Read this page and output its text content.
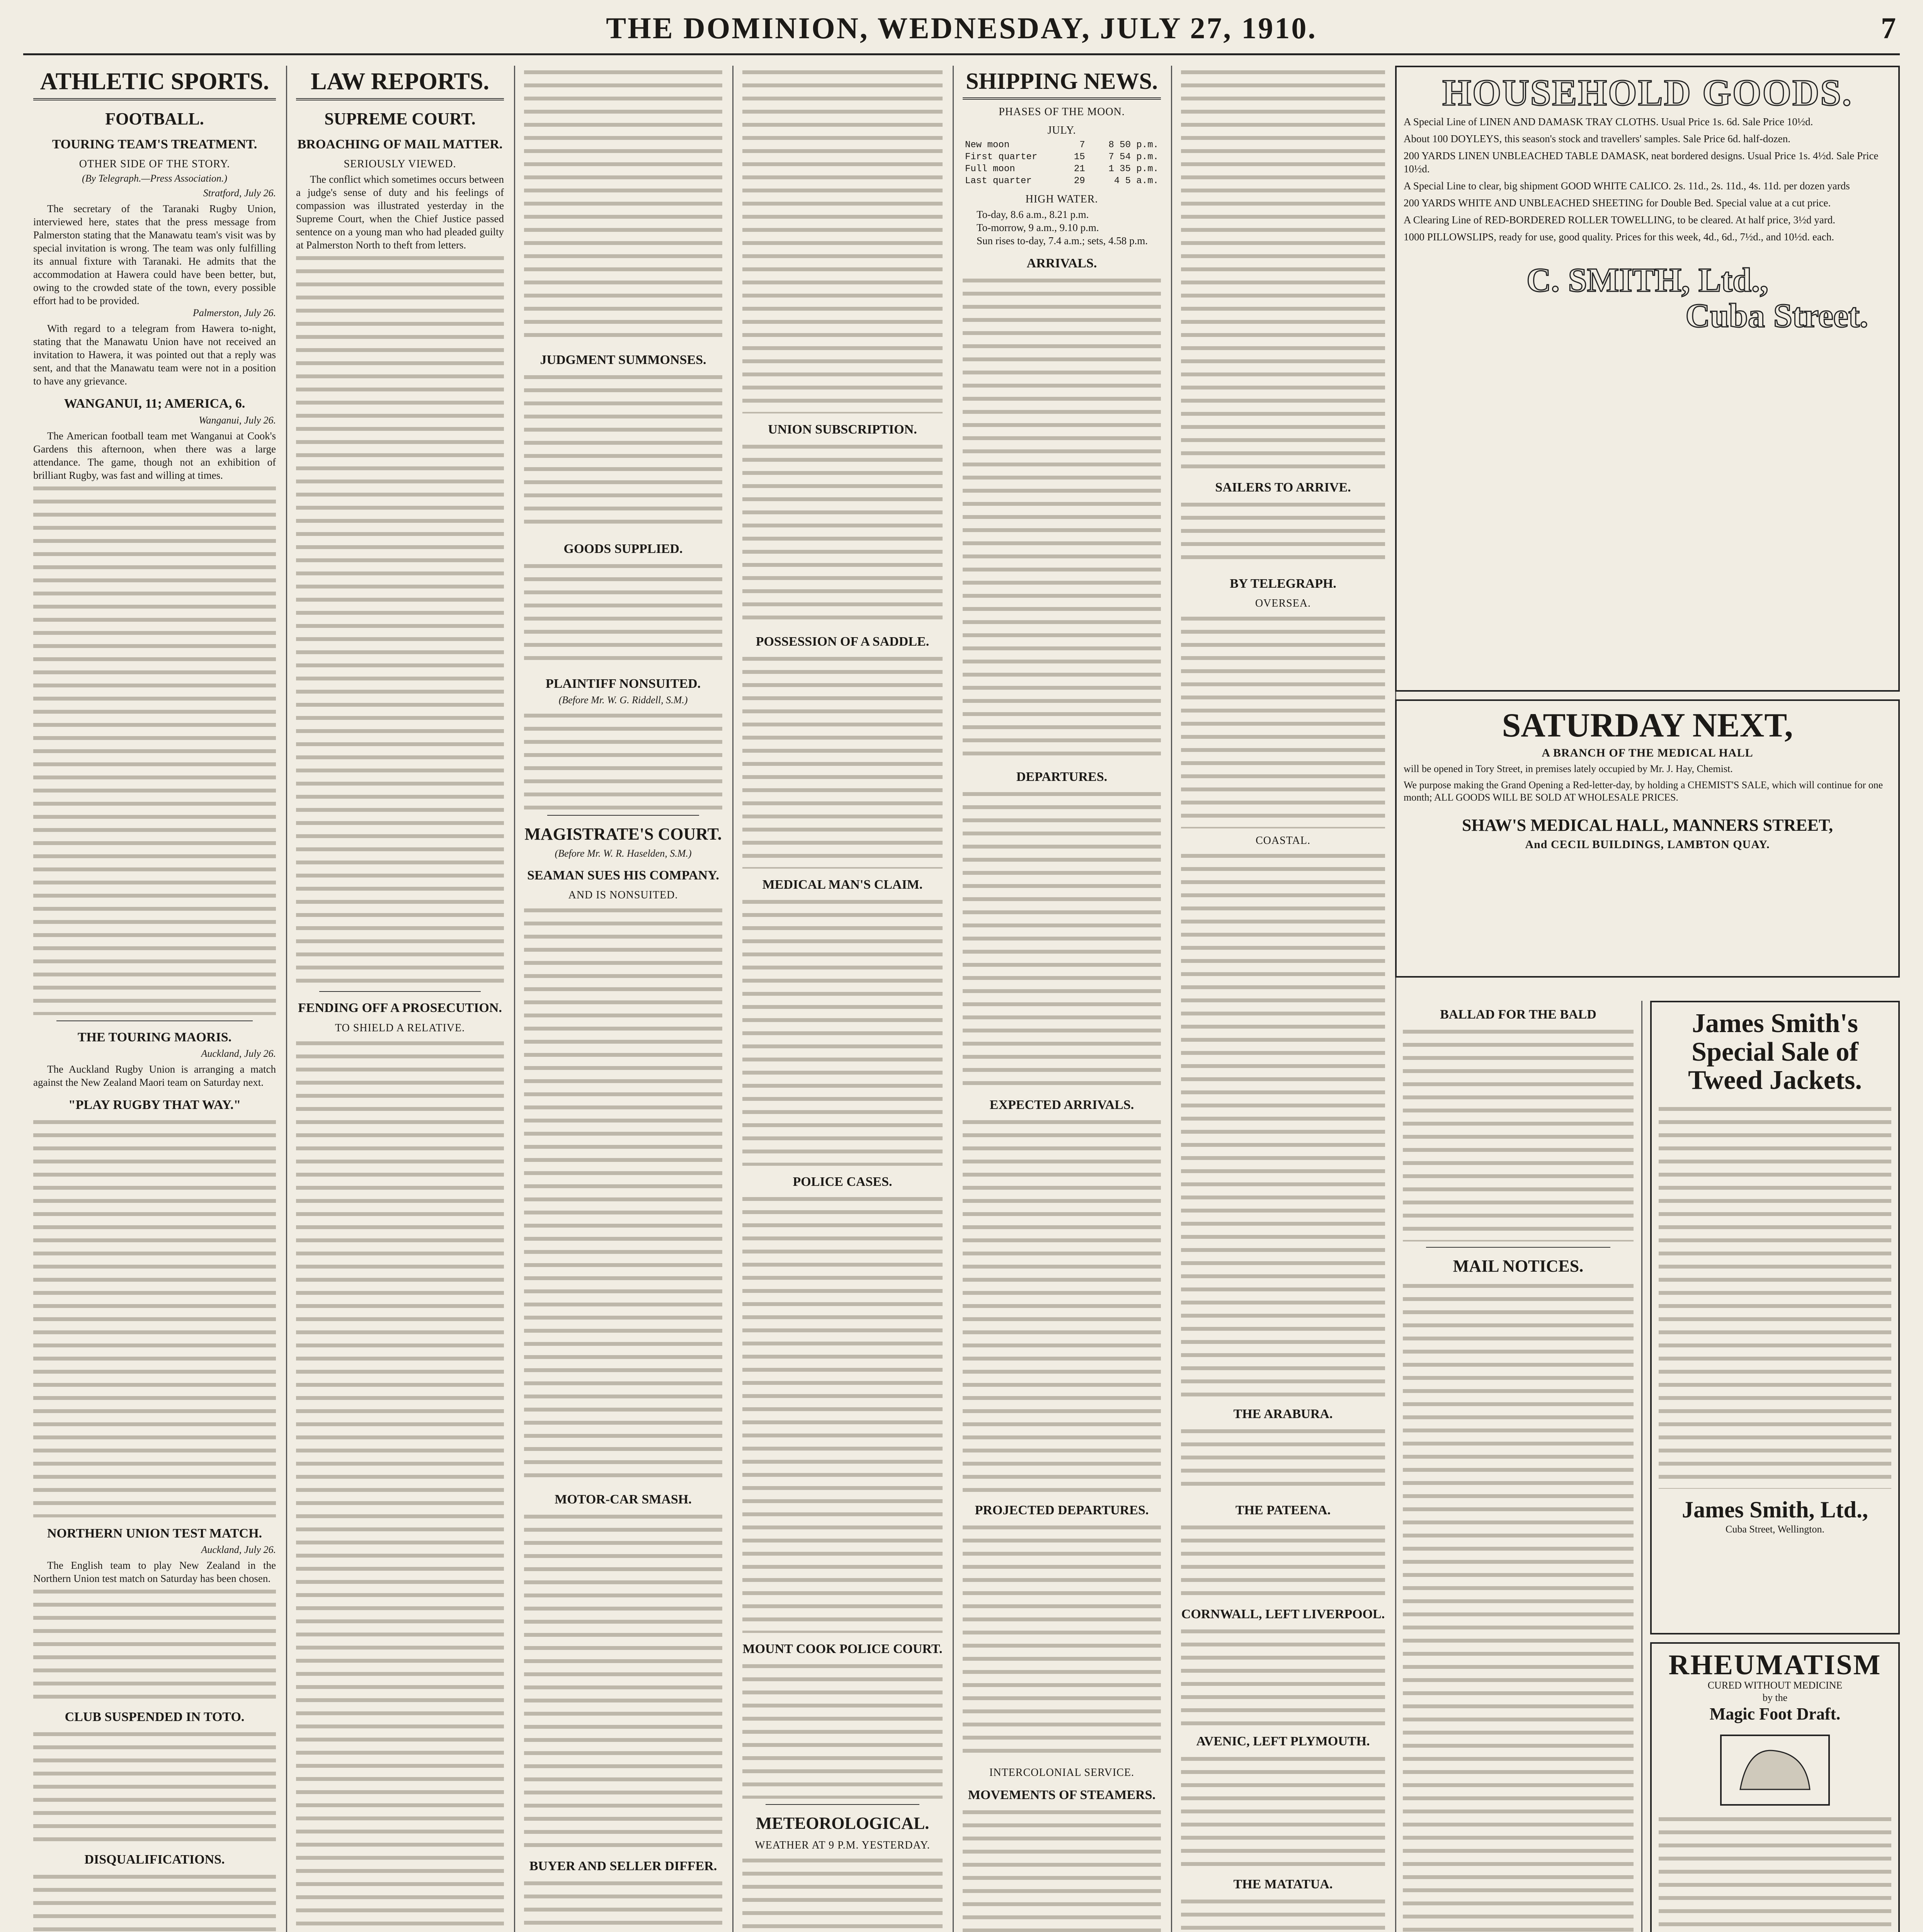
THE DOMINION, WEDNESDAY, JULY 27, 1910.	7
ATHLETIC SPORTS.
FOOTBALL.
TOURING TEAM'S TREATMENT.
OTHER SIDE OF THE STORY.
(By Telegraph.—Press Association.)
Stratford, July 26.

The secretary of the Taranaki Rugby Union, interviewed here, states that the press message from Palmerston stating that the Manawatu team's visit was by special invitation is wrong. The team was only fulfilling its annual fixture with Taranaki. He admits that the accommodation at Hawera could have been better, but, owing to the crowded state of the town, every possible effort had to be provided.

Palmerston, July 26.

With regard to a telegram from Hawera to-night, stating that the Manawatu Union have not received an invitation to Hawera, it was pointed out that a reply was sent, and that the Manawatu team were not in a position to have any grievance.

WANGANUI, 11; AMERICA, 6.
Wanganui, July 26.

The American football team met Wanganui at Cook's Gardens this afternoon, when there was a large attendance. The game, though not an exhibition of brilliant Rugby, was fast and willing at times.

THE TOURING MAORIS.
Auckland, July 26.

The Auckland Rugby Union is arranging a match against the New Zealand Maori team on Saturday next.

"PLAY RUGBY THAT WAY."
NORTHERN UNION TEST MATCH.
Auckland, July 26.

The English team to play New Zealand in the Northern Union test match on Saturday has been chosen.

CLUB SUSPENDED IN TOTO.
DISQUALIFICATIONS.
LAW REPORTS.
SUPREME COURT.
BROACHING OF MAIL MATTER.
SERIOUSLY VIEWED.

The conflict which sometimes occurs between a judge's sense of duty and his feelings of compassion was illustrated yesterday in the Supreme Court, when the Chief Justice passed sentence on a young man who had pleaded guilty at Palmerston North to theft from letters.

FENDING OFF A PROSECUTION.
TO SHIELD A RELATIVE.
JUDGMENT SUMMONSES.
GOODS SUPPLIED.
PLAINTIFF NONSUITED.
(Before Mr. W. G. Riddell, S.M.)
MAGISTRATE'S COURT.
(Before Mr. W. R. Haselden, S.M.)
SEAMAN SUES HIS COMPANY.
AND IS NONSUITED.
MOTOR-CAR SMASH.
BUYER AND SELLER DIFFER.
UNION SUBSCRIPTION.
POSSESSION OF A SADDLE.
MEDICAL MAN'S CLAIM.
POLICE CASES.
MOUNT COOK POLICE COURT.
METEOROLOGICAL.
WEATHER AT 9 P.M. YESTERDAY.
SHIPPING NEWS.
PHASES OF THE MOON.
JULY.
New moon	7	8 50 p.m.
First quarter	15	7 54 p.m.
Full moon	21	1 35 p.m.
Last quarter	29	4 5 a.m.
HIGH WATER.

To-day, 8.6 a.m., 8.21 p.m.

To-morrow, 9 a.m., 9.10 p.m.

Sun rises to-day, 7.4 a.m.; sets, 4.58 p.m.

ARRIVALS.
DEPARTURES.
EXPECTED ARRIVALS.
PROJECTED DEPARTURES.
INTERCOLONIAL SERVICE.
MOVEMENTS OF STEAMERS.
SAILERS TO ARRIVE.
BY TELEGRAPH.
OVERSEA.
COASTAL.
THE ARABURA.
THE PATEENA.
CORNWALL, LEFT LIVERPOOL.
AVENIC, LEFT PLYMOUTH.
THE MATATUA.
HOUSEHOLD GOODS.
A Special Line of LINEN AND DAMASK TRAY CLOTHS. Usual Price 1s. 6d. Sale Price 10½d.
About 100 DOYLEYS, this season's stock and travellers' samples. Sale Price 6d. half-dozen.
200 YARDS LINEN UNBLEACHED TABLE DAMASK, neat bordered designs. Usual Price 1s. 4½d. Sale Price 10½d.
A Special Line to clear, big shipment GOOD WHITE CALICO. 2s. 11d., 2s. 11d., 4s. 11d. per dozen yards
200 YARDS WHITE AND UNBLEACHED SHEETING for Double Bed. Special value at a cut price.
A Clearing Line of RED-BORDERED ROLLER TOWELLING, to be cleared. At half price, 3½d yard.
1000 PILLOWSLIPS, ready for use, good quality. Prices for this week, 4d., 6d., 7½d., and 10½d. each.
C. SMITH, Ltd.,
Cuba Street.
SATURDAY NEXT,
A BRANCH OF THE MEDICAL HALL
will be opened in Tory Street, in premises lately occupied by Mr. J. Hay, Chemist.
We purpose making the Grand Opening a Red-letter-day, by holding a CHEMIST'S SALE, which will continue for one month; ALL GOODS WILL BE SOLD AT WHOLESALE PRICES.
SHAW'S MEDICAL HALL, MANNERS STREET,
And CECIL BUILDINGS, LAMBTON QUAY.
BALLAD FOR THE BALD
MAIL NOTICES.
James Smith's
Special Sale of
Tweed Jackets.
James Smith, Ltd.,
Cuba Street, Wellington.
RHEUMATISM
CURED WITHOUT MEDICINE
by the
Magic Foot Draft.
